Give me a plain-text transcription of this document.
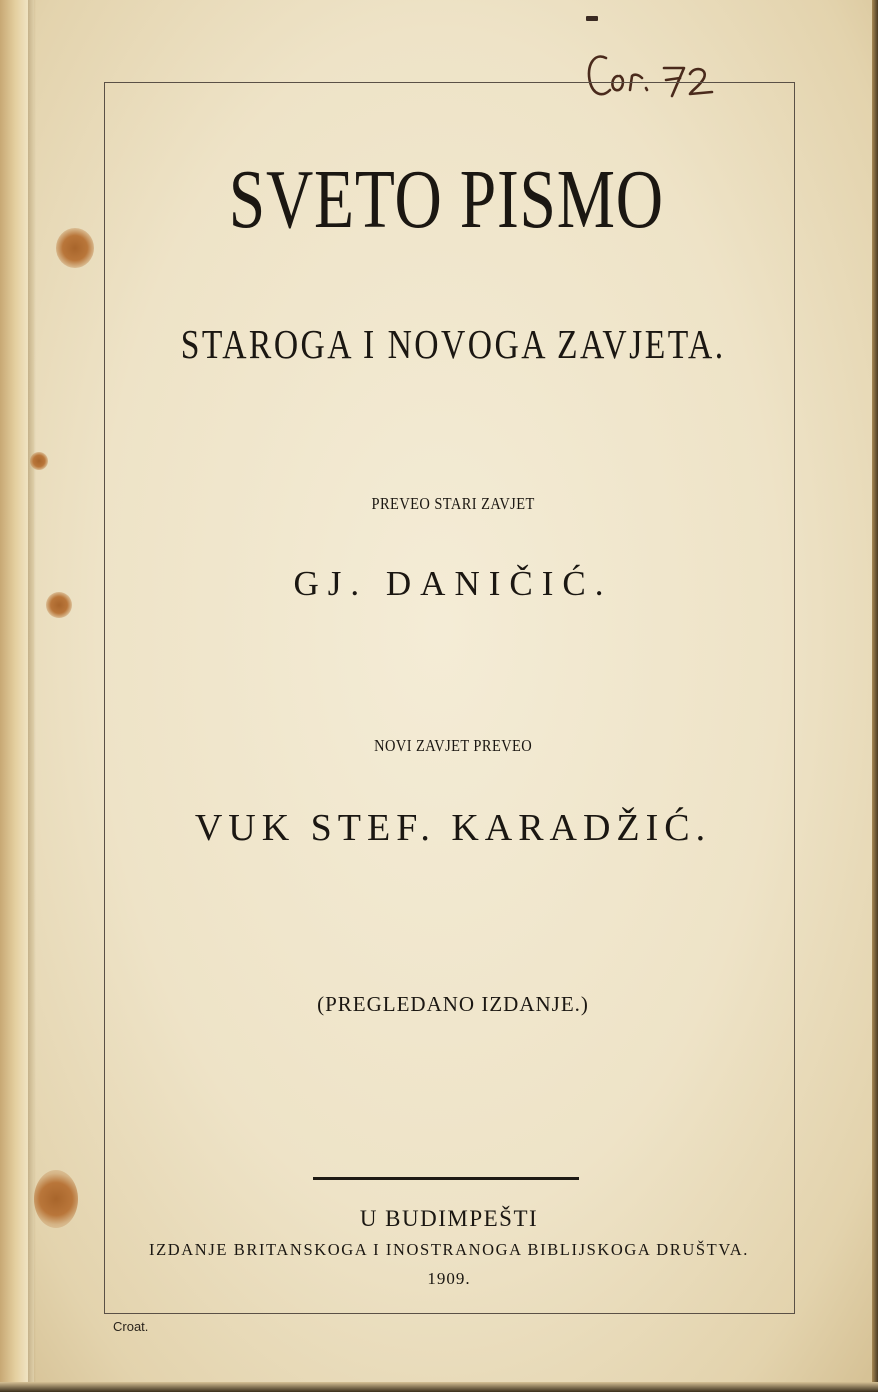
SVETO PISMO
STAROGA I NOVOGA ZAVJETA.
PREVEO STARI ZAVJET
GJ. DANIČIĆ.
NOVI ZAVJET PREVEO
VUK STEF. KARADŽIĆ.
(PREGLEDANO IZDANJE.)
U BUDIMPEŠTI
IZDANJE BRITANSKOGA I INOSTRANOGA BIBLIJSKOGA DRUŠTVA.
1909.
Croat.
